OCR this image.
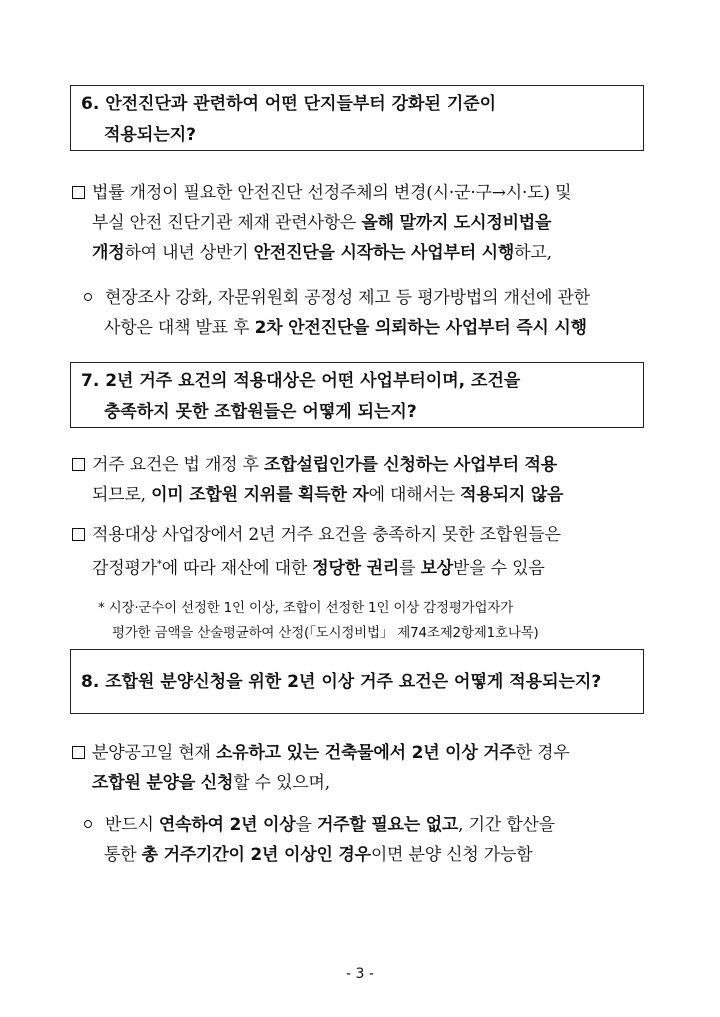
6. 안전진단과 관련하여 어떤 단지들부터 강화된 기준이
적용되는지?
법률 개정이 필요한 안전진단 선정주체의 변경(시·군·구→시·도) 및
부실 안전 진단기관 제재 관련사항은 올해 말까지 도시정비법을
개정하여 내년 상반기 안전진단을 시작하는 사업부터 시행하고,
현장조사 강화, 자문위원회 공정성 제고 등 평가방법의 개선에 관한
사항은 대책 발표 후 2차 안전진단을 의뢰하는 사업부터 즉시 시행
7. 2년 거주 요건의 적용대상은 어떤 사업부터이며, 조건을
충족하지 못한 조합원들은 어떻게 되는지?
거주 요건은 법 개정 후 조합설립인가를 신청하는 사업부터 적용
되므로, 이미 조합원 지위를 획득한 자에 대해서는 적용되지 않음
적용대상 사업장에서 2년 거주 요건을 충족하지 못한 조합원들은
감정평가*에 따라 재산에 대한 정당한 권리를 보상받을 수 있음
* 시장·군수이 선정한 1인 이상, 조합이 선정한 1인 이상 감정평가업자가
평가한 금액을 산술평균하여 산정(「도시정비법」 제74조제2항제1호나목)
8. 조합원 분양신청을 위한 2년 이상 거주 요건은 어떻게 적용되는지?
분양공고일 현재 소유하고 있는 건축물에서 2년 이상 거주한 경우
조합원 분양을 신청할 수 있으며,
반드시 연속하여 2년 이상을 거주할 필요는 없고, 기간 합산을
통한 총 거주기간이 2년 이상인 경우이면 분양 신청 가능함
- 3 -
